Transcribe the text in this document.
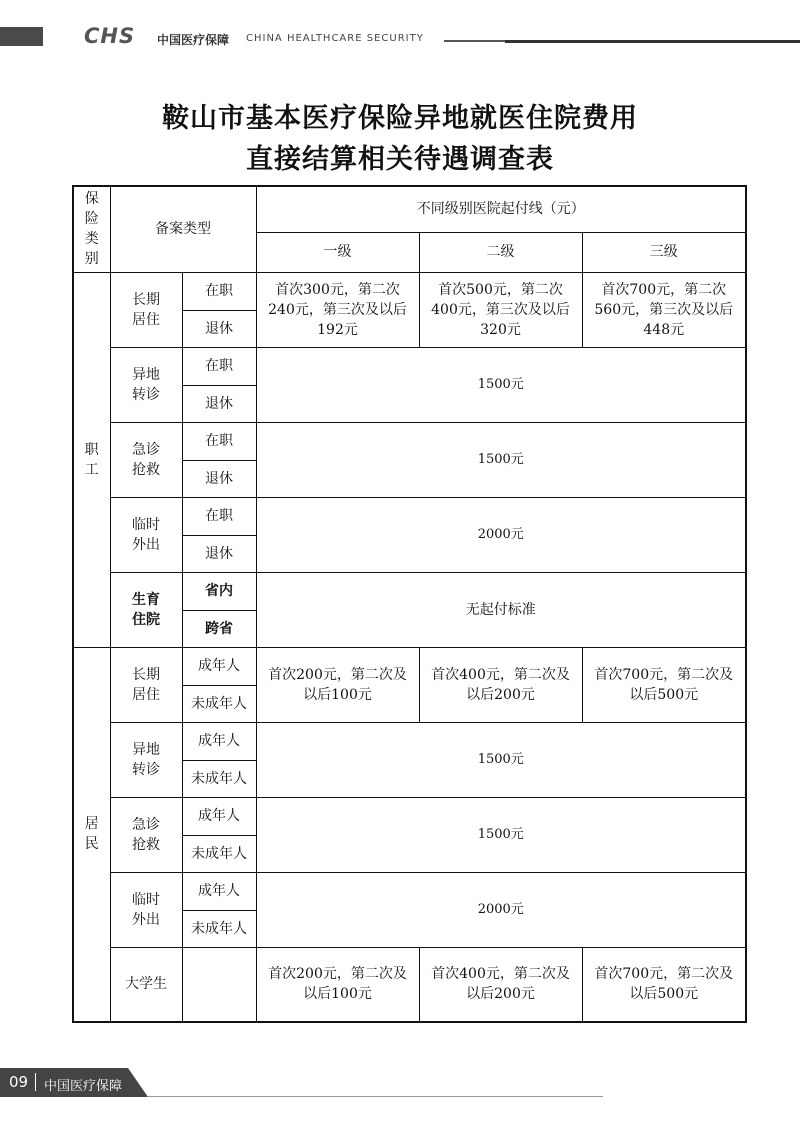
CHS 中国医疗保障 CHINA HEALTHCARE SECURITY
鞍山市基本医疗保险异地就医住院费用
直接结算相关待遇调查表
保险类别	备案类型		不同级别医院起付线（元）		
			一级	二级	三级
职工	长期居住	在职	首次300元，第二次240元，第三次及以后192元	首次500元，第二次400元，第三次及以后320元	首次700元，第二次560元，第三次及以后448元
		退休			
	异地转诊	在职	1500元		
		退休			
	急诊抢救	在职	1500元		
		退休			
	临时外出	在职	2000元		
		退休			
	生育住院	省内	无起付标准		
		跨省			
居民	长期居住	成年人	首次200元，第二次及以后100元	首次400元，第二次及以后200元	首次700元，第二次及以后500元
		未成年人			
	异地转诊	成年人	1500元		
		未成年人			
	急诊抢救	成年人	1500元		
		未成年人			
	临时外出	成年人	2000元		
		未成年人			
	大学生		首次200元，第二次及以后100元	首次400元，第二次及以后200元	首次700元，第二次及以后500元
09 中国医疗保障
